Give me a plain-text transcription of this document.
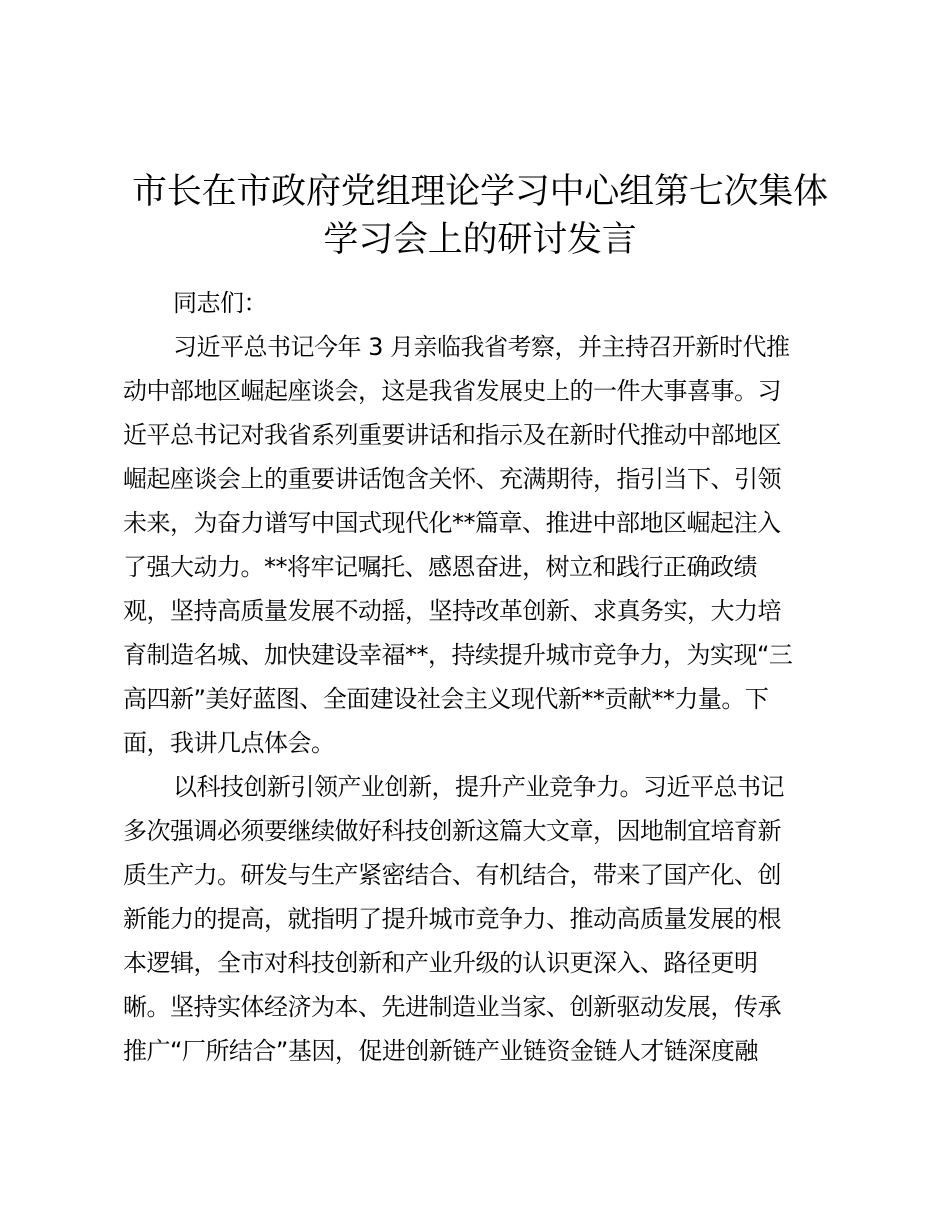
市长在市政府党组理论学习中心组第七次集体
学习会上的研讨发言
同志们：
习近平总书记今年 3 月亲临我省考察，并主持召开新时代推
动中部地区崛起座谈会，这是我省发展史上的一件大事喜事。习
近平总书记对我省系列重要讲话和指示及在新时代推动中部地区
崛起座谈会上的重要讲话饱含关怀、充满期待，指引当下、引领
未来，为奋力谱写中国式现代化**篇章、推进中部地区崛起注入
了强大动力。**将牢记嘱托、感恩奋进，树立和践行正确政绩
观，坚持高质量发展不动摇，坚持改革创新、求真务实，大力培
育制造名城、加快建设幸福**，持续提升城市竞争力，为实现“三
高四新”美好蓝图、全面建设社会主义现代新**贡献**力量。下
面，我讲几点体会。
以科技创新引领产业创新，提升产业竞争力。习近平总书记
多次强调必须要继续做好科技创新这篇大文章，因地制宜培育新
质生产力。研发与生产紧密结合、有机结合，带来了国产化、创
新能力的提高，就指明了提升城市竞争力、推动高质量发展的根
本逻辑，全市对科技创新和产业升级的认识更深入、路径更明
晰。坚持实体经济为本、先进制造业当家、创新驱动发展，传承
推广“厂所结合”基因，促进创新链产业链资金链人才链深度融
